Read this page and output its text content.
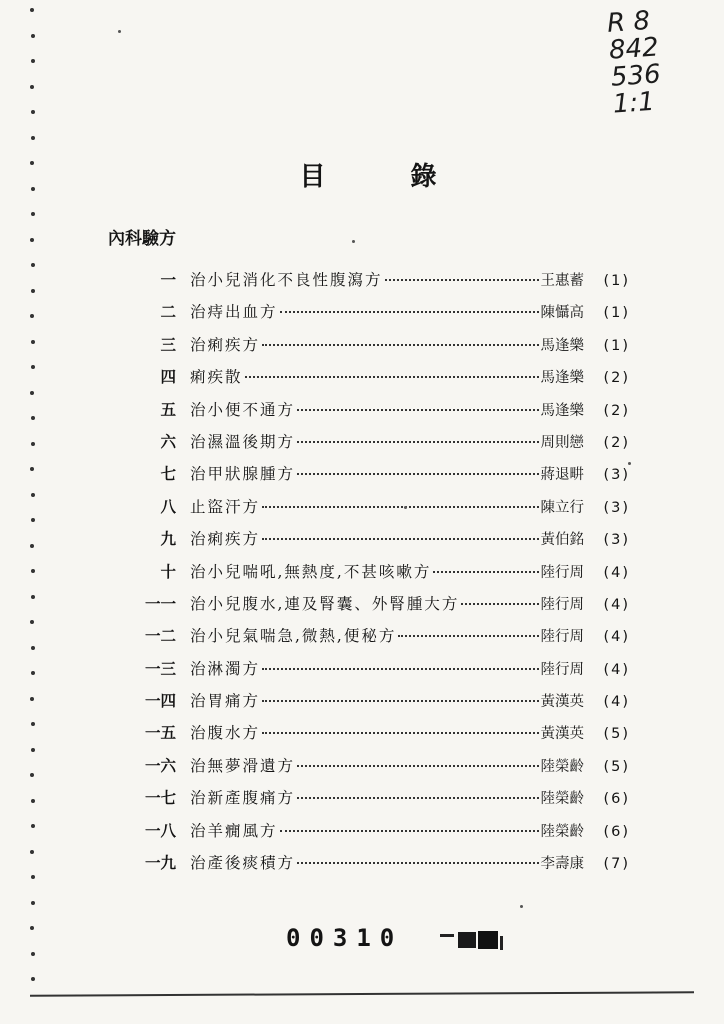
R 8
842
536
1:1
目 錄
內科驗方
一 治小兒消化不良性腹瀉方	王惠蓄	(1)
二 治痔出血方	陳懾高	(1)
三 治痢疾方	馬逢樂	(1)
四 痢疾散	馬逢樂	(2)
五 治小便不通方	馬逢樂	(2)
六 治濕溫後期方	周則戀	(2)
七 治甲狀腺腫方	蔣退畊	(3)
八 止盜汗方	陳立行	(3)
九 治痢疾方	黃伯銘	(3)
十 治小兒喘吼,無熱度,不甚咳嗽方	陸行周	(4)
一一 治小兒腹水,連及腎囊、外腎腫大方	陸行周	(4)
一二 治小兒氣喘急,微熱,便秘方	陸行周	(4)
一三 治淋濁方	陸行周	(4)
一四 治胃痛方	黃漢英	(4)
一五 治腹水方	黃漢英	(5)
一六 治無夢滑遺方	陸榮齡	(5)
一七 治新產腹痛方	陸榮齡	(6)
一八 治羊癇風方	陸榮齡	(6)
一九 治產後痰積方	李壽康	(7)
00310
